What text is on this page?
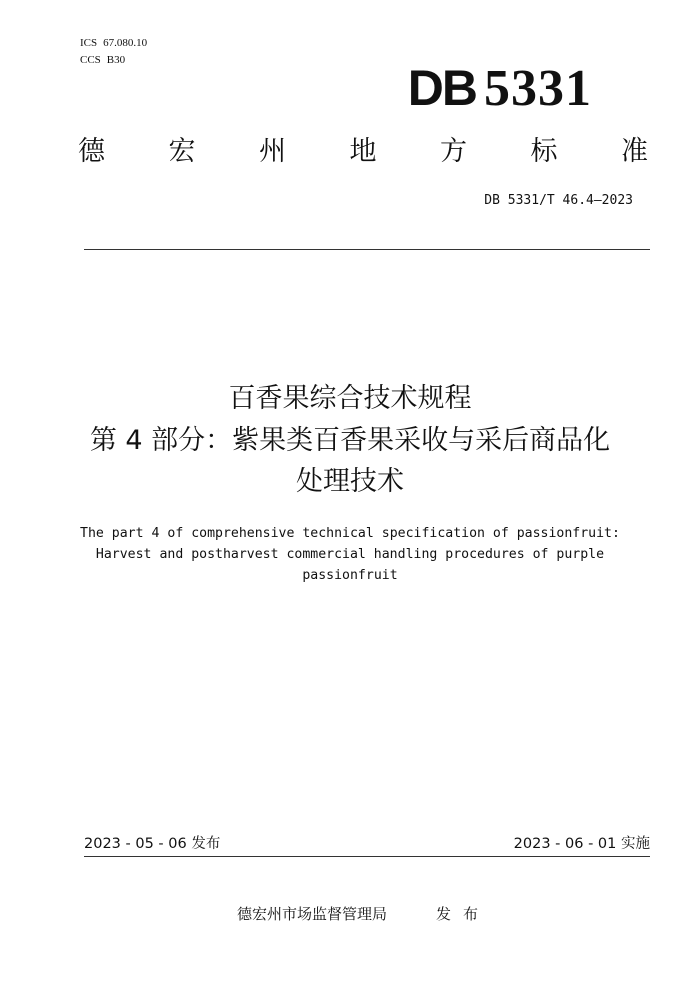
ICS 67.080.10
CCS B30	DB 5331
德 宏 州 地 方 标 准
DB 5331/T 46.4—2023
百香果综合技术规程
第 4 部分：紫果类百香果采收与采后商品化
处理技术
The part 4 of comprehensive technical specification of passionfruit:
Harvest and postharvest commercial handling procedures of purple
passionfruit
2023 - 05 - 06 发布	2023 - 06 - 01 实施
德宏州市场监督管理局	发布
